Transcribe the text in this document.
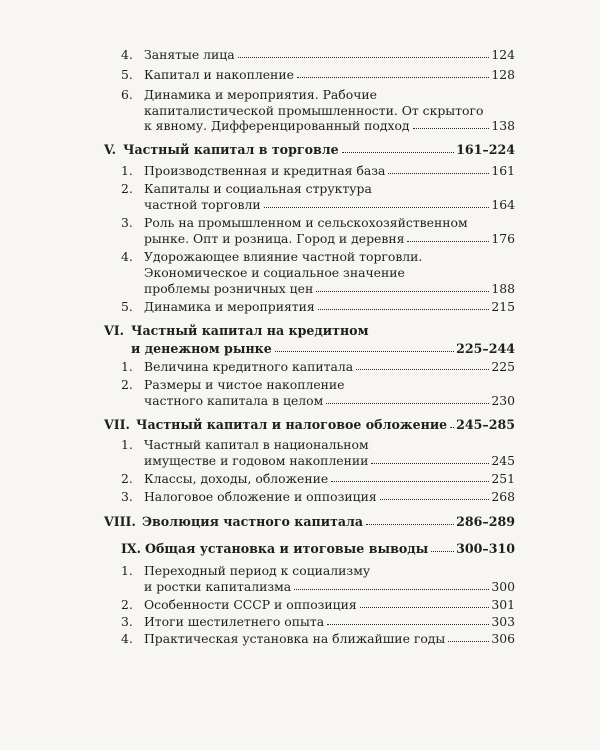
4. Занятые лица	124
5. Капитал и накопление	128
6. Динамика и мероприятия. Рабочие
капиталистической промышленности. От скрытого
к явному. Дифференцированный подход	138
V. Частный капитал в торговле	161–224
1. Производственная и кредитная база	161
2. Капиталы и социальная структура
частной торговли	164
3. Роль на промышленном и сельскохозяйственном
рынке. Опт и розница. Город и деревня	176
4. Удорожающее влияние частной торговли.
Экономическое и социальное значение
проблемы розничных цен	188
5. Динамика и мероприятия	215
VI. Частный капитал на кредитном
и денежном рынке	225–244
1. Величина кредитного капитала	225
2. Размеры и чистое накопление
частного капитала в целом	230
VII. Частный капитал и налоговое обложение 245–285
1. Частный капитал в национальном
имуществе и годовом накоплении	245
2. Классы, доходы, обложение	251
3. Налоговое обложение и оппозиция	268
VIII. Эволюция частного капитала	286–289
IX. Общая установка и итоговые выводы 300–310
1. Переходный период к социализму
и ростки капитализма	300
2. Особенности СССР и оппозиция	301
3. Итоги шестилетнего опыта	303
4. Практическая установка на ближайшие годы	306
